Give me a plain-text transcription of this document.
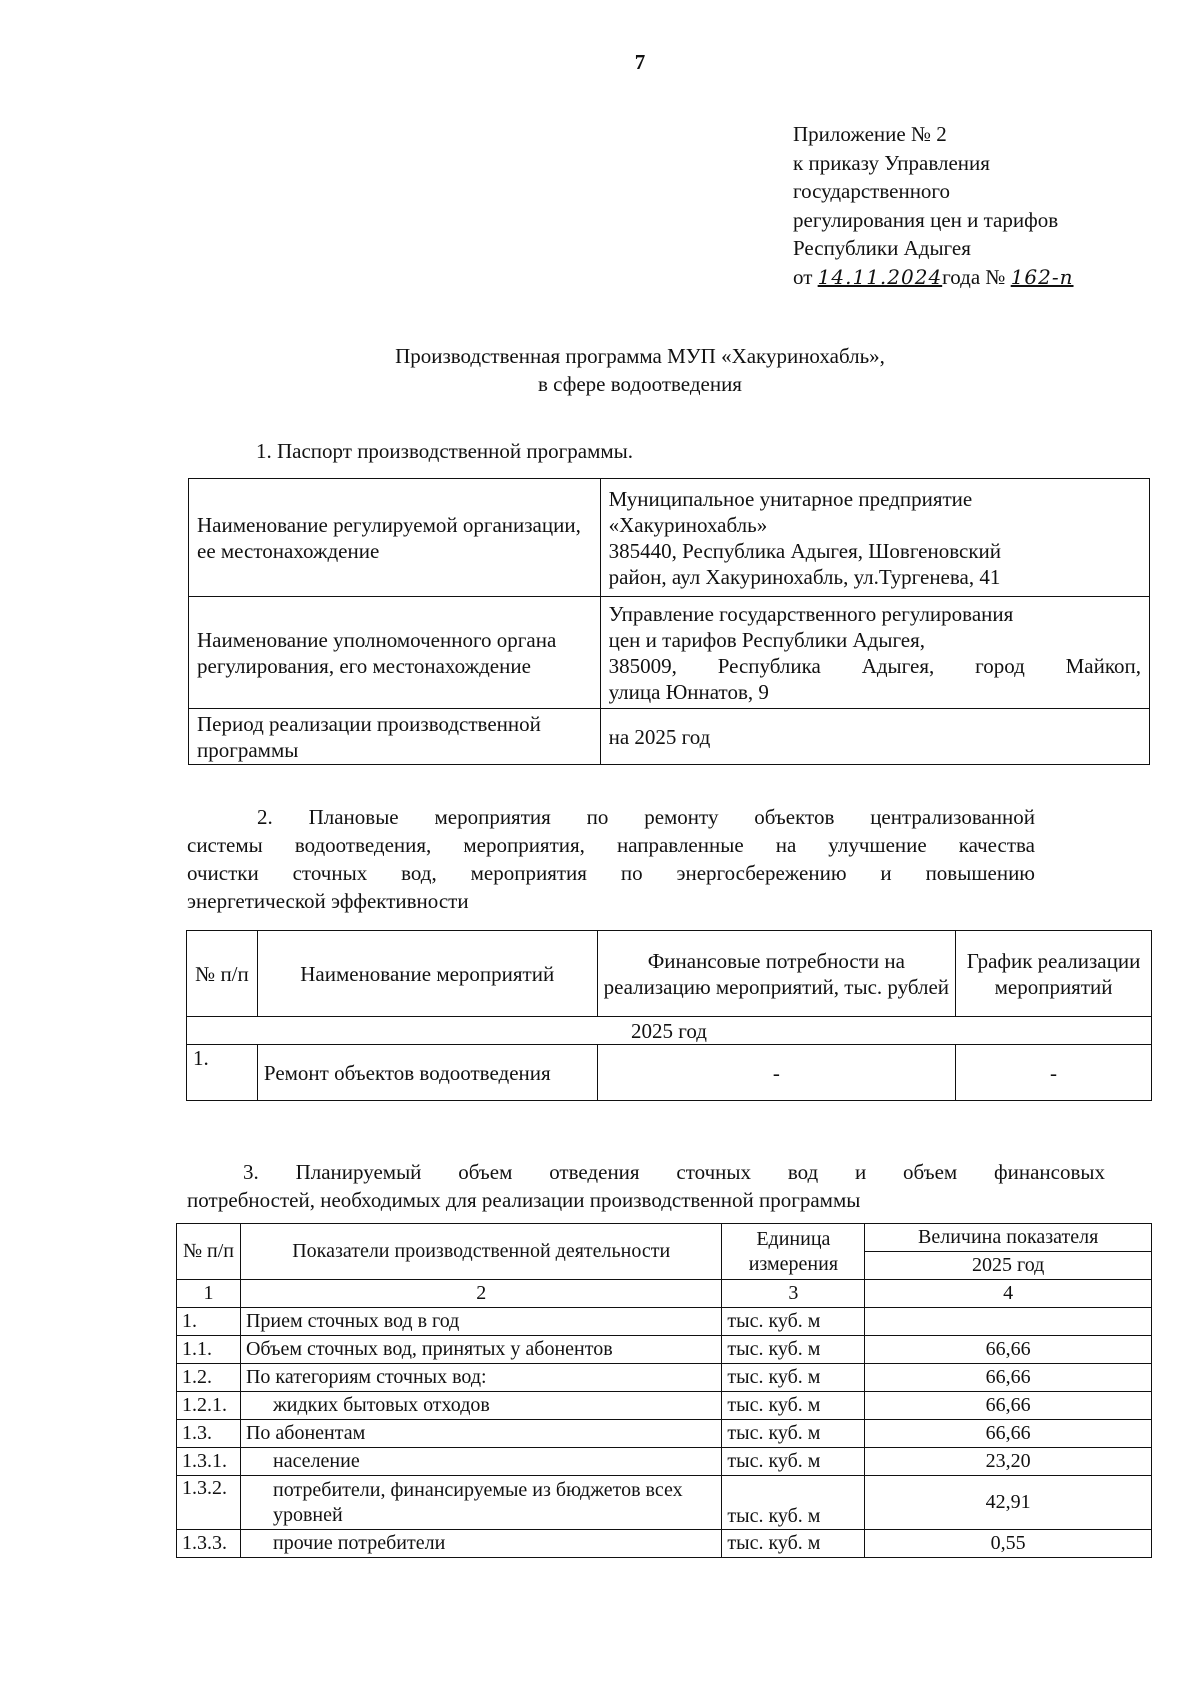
7
Приложение № 2
к приказу Управления
государственного
регулирования цен и тарифов
Республики Адыгея
от 14.11.2024года № 162-п
Производственная программа МУП «Хакуринохабль»,
в сфере водоотведения
1. Паспорт производственной программы.
Наименование регулируемой организации, ее местонахождение	Муниципальное унитарное предприятие
«Хакуринохабль»
385440, Республика Адыгея, Шовгеновский
район, аул Хакуринохабль, ул.Тургенева, 41

Наименование уполномоченного органа регулирования, его местонахождение	Управление государственного регулирования
цен и тарифов Республики Адыгея,
385009, Республика Адыгея, город Майкоп,
улица Юннатов, 9

Период реализации производственной программы	на 2025 год
2. Плановые мероприятия по ремонту объектов централизованной
системы водоотведения, мероприятия, направленные на улучшение качества
очистки сточных вод, мероприятия по энергосбережению и повышению
энергетической эффективности
№ п/п	Наименование мероприятий	Финансовые потребности на реализацию мероприятий, тыс. рублей	График реализации мероприятий
2025 год			
1.	Ремонт объектов водоотведения	-	-
3. Планируемый объем отведения сточных вод и объем финансовых
потребностей, необходимых для реализации производственной программы
№ п/п	Показатели производственной деятельности	Единица измерения	Величина показателя
			2025 год
1	2	3	4
1.	Прием сточных вод в год	тыс. куб. м	
1.1.	Объем сточных вод, принятых у абонентов	тыс. куб. м	66,66
1.2.	По категориям сточных вод:	тыс. куб. м	66,66
1.2.1.	жидких бытовых отходов	тыс. куб. м	66,66
1.3.	По абонентам	тыс. куб. м	66,66
1.3.1.	население	тыс. куб. м	23,20
1.3.2.	потребители, финансируемые из бюджетов всех уровней	тыс. куб. м	42,91
1.3.3.	прочие потребители	тыс. куб. м	0,55
